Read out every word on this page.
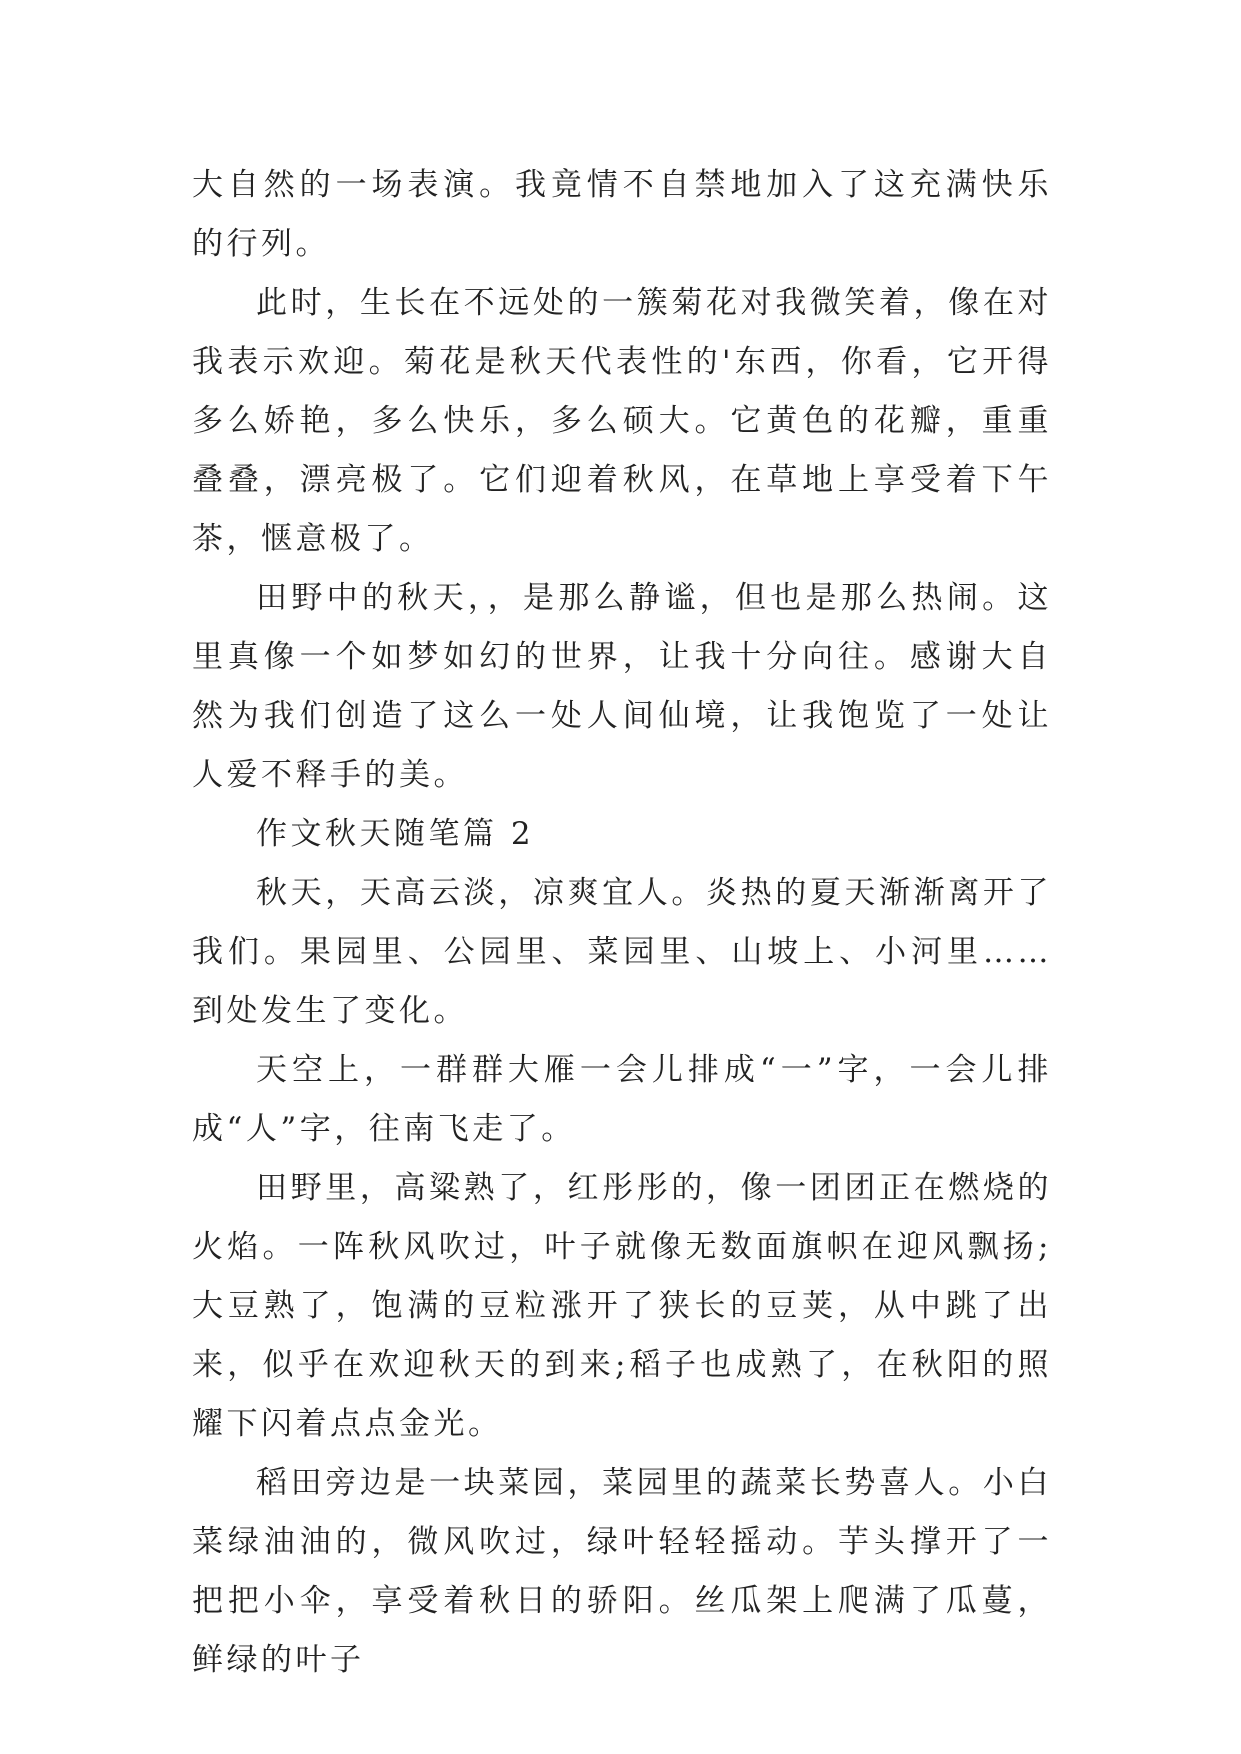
大自然的一场表演。我竟情不自禁地加入了这充满快乐的行列。

此时，生长在不远处的一簇菊花对我微笑着，像在对我表示欢迎。菊花是秋天代表性的'东西，你看，它开得多么娇艳，多么快乐，多么硕大。它黄色的花瓣，重重叠叠，漂亮极了。它们迎着秋风，在草地上享受着下午茶，惬意极了。

田野中的秋天，，是那么静谧，但也是那么热闹。这里真像一个如梦如幻的世界，让我十分向往。感谢大自然为我们创造了这么一处人间仙境，让我饱览了一处让人爱不释手的美。

作文秋天随笔篇 2

秋天，天高云淡，凉爽宜人。炎热的夏天渐渐离开了我们。果园里、公园里、菜园里、山坡上、小河里……到处发生了变化。

天空上，一群群大雁一会儿排成“一”字，一会儿排成“人”字，往南飞走了。

田野里，高粱熟了，红彤彤的，像一团团正在燃烧的火焰。一阵秋风吹过，叶子就像无数面旗帜在迎风飘扬;大豆熟了，饱满的豆粒涨开了狭长的豆荚，从中跳了出来，似乎在欢迎秋天的到来;稻子也成熟了，在秋阳的照耀下闪着点点金光。

稻田旁边是一块菜园，菜园里的蔬菜长势喜人。小白菜绿油油的，微风吹过，绿叶轻轻摇动。芋头撑开了一把把小伞，享受着秋日的骄阳。丝瓜架上爬满了瓜蔓，鲜绿的叶子
